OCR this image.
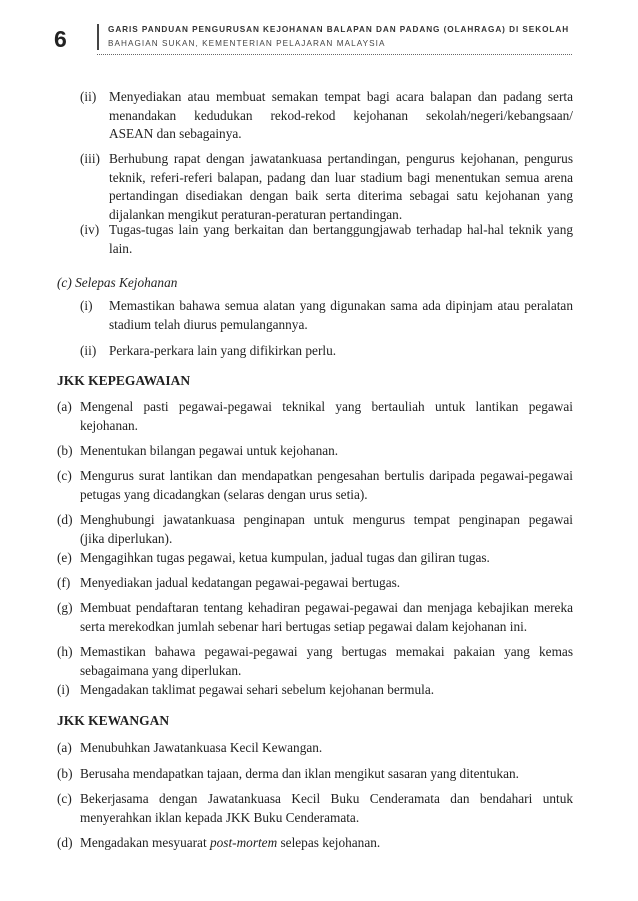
6	GARIS PANDUAN PENGURUSAN KEJOHANAN BALAPAN DAN PADANG (OLAHRAGA) DI SEKOLAH
BAHAGIAN SUKAN, KEMENTERIAN PELAJARAN MALAYSIA
(ii) Menyediakan atau membuat semakan tempat bagi acara balapan dan padang serta
menandakan kedudukan rekod-rekod kejohanan sekolah/negeri/kebangsaan/
ASEAN dan sebagainya.
(iii) Berhubung rapat dengan jawatankuasa pertandingan, pengurus kejohanan, pengurus
teknik, referi-referi balapan, padang dan luar stadium bagi menentukan semua arena
pertandingan disediakan dengan baik serta diterima sebagai satu kejohanan yang
dijalankan mengikut peraturan-peraturan pertandingan.
(iv) Tugas-tugas lain yang berkaitan dan bertanggungjawab terhadap hal-hal teknik yang
lain.
(c) Selepas Kejohanan
(i) Memastikan bahawa semua alatan yang digunakan sama ada dipinjam atau peralatan
stadium telah diurus pemulangannya.
(ii) Perkara-perkara lain yang difikirkan perlu.
JKK KEPEGAWAIAN
(a) Mengenal pasti pegawai-pegawai teknikal yang bertauliah untuk lantikan pegawai
kejohanan.
(b) Menentukan bilangan pegawai untuk kejohanan.
(c) Mengurus surat lantikan dan mendapatkan pengesahan bertulis daripada pegawai-pegawai
petugas yang dicadangkan (selaras dengan urus setia).
(d) Menghubungi jawatankuasa penginapan untuk mengurus tempat penginapan pegawai
(jika diperlukan).
(e) Mengagihkan tugas pegawai, ketua kumpulan, jadual tugas dan giliran tugas.
(f) Menyediakan jadual kedatangan pegawai-pegawai bertugas.
(g) Membuat pendaftaran tentang kehadiran pegawai-pegawai dan menjaga kebajikan mereka
serta merekodkan jumlah sebenar hari bertugas setiap pegawai dalam kejohanan ini.
(h) Memastikan bahawa pegawai-pegawai yang bertugas memakai pakaian yang kemas
sebagaimana yang diperlukan.
(i) Mengadakan taklimat pegawai sehari sebelum kejohanan bermula.
JKK KEWANGAN
(a) Menubuhkan Jawatankuasa Kecil Kewangan.
(b) Berusaha mendapatkan tajaan, derma dan iklan mengikut sasaran yang ditentukan.
(c) Bekerjasama dengan Jawatankuasa Kecil Buku Cenderamata dan bendahari untuk
menyerahkan iklan kepada JKK Buku Cenderamata.
(d) Mengadakan mesyuarat post-mortem selepas kejohanan.
